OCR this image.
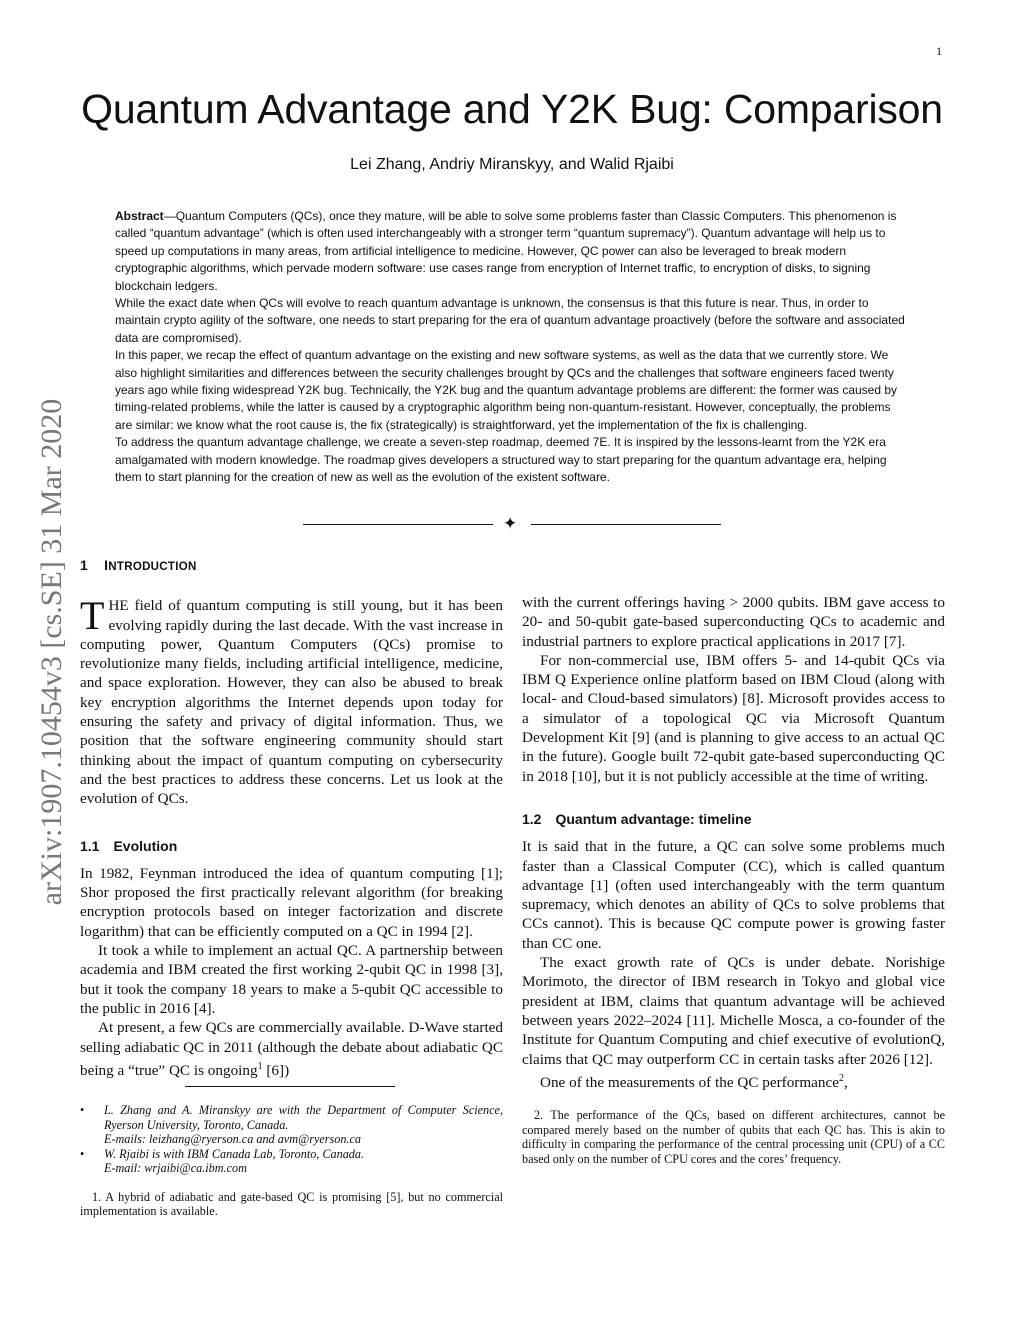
1
Quantum Advantage and Y2K Bug: Comparison
Lei Zhang, Andriy Miranskyy, and Walid Rjaibi
arXiv:1907.10454v3 [cs.SE] 31 Mar 2020

Abstract—Quantum Computers (QCs), once they mature, will be able to solve some problems faster than Classic Computers. This phenomenon is called “quantum advantage” (which is often used interchangeably with a stronger term “quantum supremacy”). Quantum advantage will help us to speed up computations in many areas, from artificial intelligence to medicine. However, QC power can also be leveraged to break modern cryptographic algorithms, which pervade modern software: use cases range from encryption of Internet traffic, to encryption of disks, to signing blockchain ledgers.

While the exact date when QCs will evolve to reach quantum advantage is unknown, the consensus is that this future is near. Thus, in order to maintain crypto agility of the software, one needs to start preparing for the era of quantum advantage proactively (before the software and associated data are compromised).

In this paper, we recap the effect of quantum advantage on the existing and new software systems, as well as the data that we currently store. We also highlight similarities and differences between the security challenges brought by QCs and the challenges that software engineers faced twenty years ago while fixing widespread Y2K bug. Technically, the Y2K bug and the quantum advantage problems are different: the former was caused by timing-related problems, while the latter is caused by a cryptographic algorithm being non-quantum-resistant. However, conceptually, the problems are similar: we know what the root cause is, the fix (strategically) is straightforward, yet the implementation of the fix is challenging.

To address the quantum advantage challenge, we create a seven-step roadmap, deemed 7E. It is inspired by the lessons-learnt from the Y2K era amalgamated with modern knowledge. The roadmap gives developers a structured way to start preparing for the quantum advantage era, helping them to start planning for the creation of new as well as the evolution of the existent software.

✦
1 INTRODUCTION

THE field of quantum computing is still young, but it has been evolving rapidly during the last decade. With the vast increase in computing power, Quantum Computers (QCs) promise to revolutionize many fields, including artificial intelligence, medicine, and space exploration. However, they can also be abused to break key encryption algorithms the Internet depends upon today for ensuring the safety and privacy of digital information. Thus, we position that the software engineering community should start thinking about the impact of quantum computing on cybersecurity and the best practices to address these concerns. Let us look at the evolution of QCs.

1.1 Evolution

In 1982, Feynman introduced the idea of quantum computing [1]; Shor proposed the first practically relevant algorithm (for breaking encryption protocols based on integer factorization and discrete logarithm) that can be efficiently computed on a QC in 1994 [2].

It took a while to implement an actual QC. A partnership between academia and IBM created the first working 2-qubit QC in 1998 [3], but it took the company 18 years to make a 5-qubit QC accessible to the public in 2016 [4].

At present, a few QCs are commercially available. D-Wave started selling adiabatic QC in 2011 (although the debate about adiabatic QC being a “true” QC is ongoing$^1$ [6])

• L. Zhang and A. Miranskyy are with the Department of Computer Science, Ryerson University, Toronto, Canada.
E-mails: leizhang@ryerson.ca and avm@ryerson.ca
• W. Rjaibi is with IBM Canada Lab, Toronto, Canada.
E-mail: wrjaibi@ca.ibm.com
1. A hybrid of adiabatic and gate-based QC is promising [5], but no commercial implementation is available.

with the current offerings having > 2000 qubits. IBM gave access to 20- and 50-qubit gate-based superconducting QCs to academic and industrial partners to explore practical applications in 2017 [7].

For non-commercial use, IBM offers 5- and 14-qubit QCs via IBM Q Experience online platform based on IBM Cloud (along with local- and Cloud-based simulators) [8]. Microsoft provides access to a simulator of a topological QC via Microsoft Quantum Development Kit [9] (and is planning to give access to an actual QC in the future). Google built 72-qubit gate-based superconducting QC in 2018 [10], but it is not publicly accessible at the time of writing.

1.2 Quantum advantage: timeline

It is said that in the future, a QC can solve some problems much faster than a Classical Computer (CC), which is called quantum advantage [1] (often used interchangeably with the term quantum supremacy, which denotes an ability of QCs to solve problems that CCs cannot). This is because QC compute power is growing faster than CC one.

The exact growth rate of QCs is under debate. Norishige Morimoto, the director of IBM research in Tokyo and global vice president at IBM, claims that quantum advantage will be achieved between years 2022–2024 [11]. Michelle Mosca, a co-founder of the Institute for Quantum Computing and chief executive of evolutionQ, claims that QC may outperform CC in certain tasks after 2026 [12].

One of the measurements of the QC performance$^2$,

2. The performance of the QCs, based on different architectures, cannot be compared merely based on the number of qubits that each QC has. This is akin to difficulty in comparing the performance of the central processing unit (CPU) of a CC based only on the number of CPU cores and the cores’ frequency.
